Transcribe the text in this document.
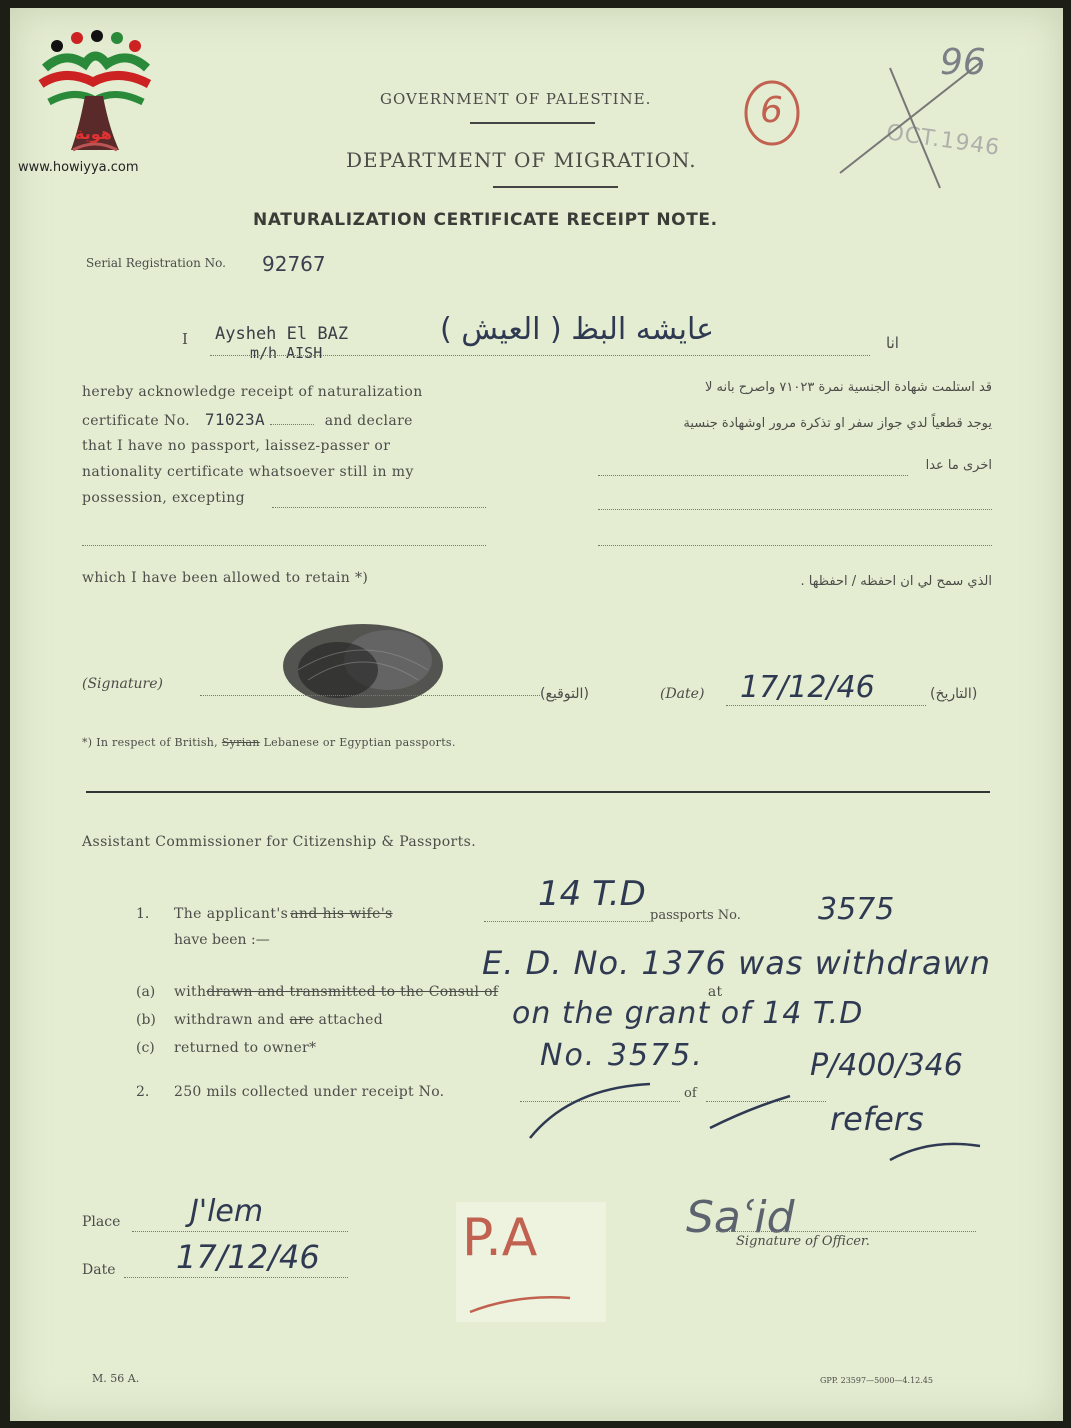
هوية
www.howiyya.com
GOVERNMENT OF PALESTINE.
DEPARTMENT OF MIGRATION.
NATURALIZATION CERTIFICATE RECEIPT NOTE.
6
OCT.1946
96
Serial Registration No. 92767
I Aysheh El BAZ
m/h AISH
عايشه البظ ( العيش )	انا
hereby acknowledge receipt of naturalization
certificate No. 71023A	and declare
that I have no passport, laissez-passer or
nationality certificate whatsoever still in my
possession, excepting
قد استلمت شهادة الجنسية نمرة ٧١٠٢٣ واصرح بانه لا
يوجد قطعياً لدي جواز سفر او تذكرة مرور اوشهادة جنسية
اخرى ما عدا
which I have been allowed to retain *)	الذي سمح لي ان احفظه / احفظها .
(Signature)
(التوقيع)	(Date) 17/12/46	(التاريخ)
*) In respect of British, Syrian Lebanese or Egyptian passports.
Assistant Commissioner for Citizenship & Passports.
1. The applicant's and his wife's	14 T.D
passports No.	3575
have been :—
E. D. No. 1376 was withdrawn
(a) withdrawn and transmitted to the Consul of	at
(b) withdrawn and are attached	on the grant of 14 T.D
(c) returned to owner*	No. 3575.	P/400/346
2. 250 mils collected under receipt No.	of
refers
Place J'lem
Date 17/12/46	P.A	Saʿid
Signature of Officer.
M. 56 A.	GPP. 23597—5000—4.12.45
